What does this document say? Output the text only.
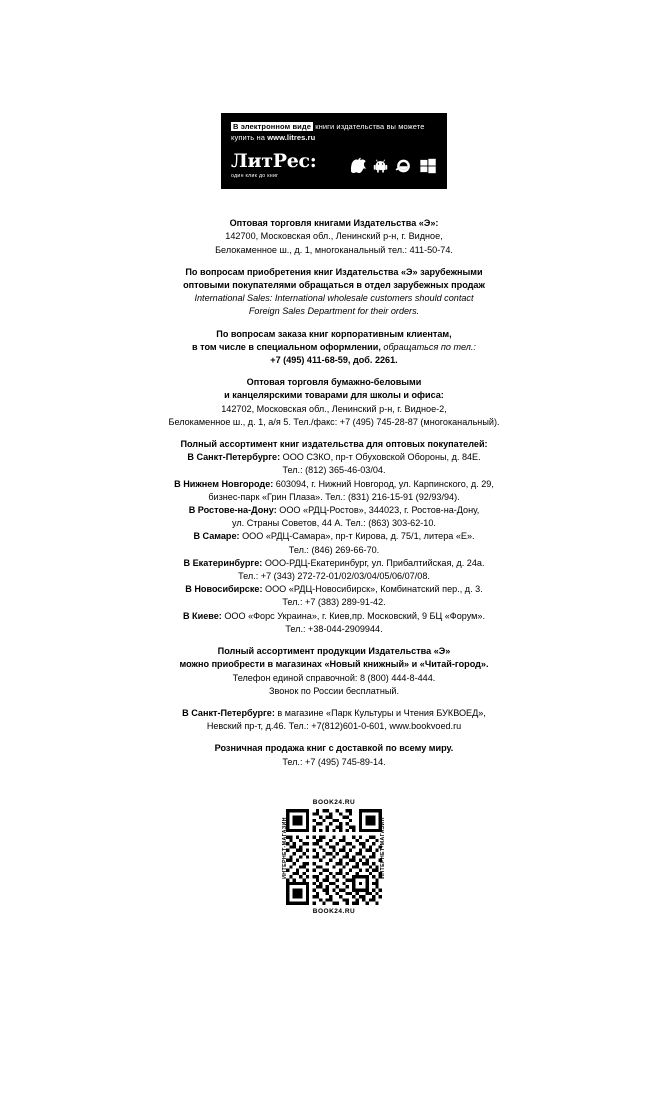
В электронном виде книги издательства вы можете
купить на www.litres.ru
ЛитРес:
один клик до книг

Оптовая торговля книгами Издательства «Э»:

142700, Московская обл., Ленинский р-н, г. Видное,

Белокаменное ш., д. 1, многоканальный тел.: 411-50-74.

По вопросам приобретения книг Издательства «Э» зарубежными

оптовыми покупателями обращаться в отдел зарубежных продаж

International Sales: International wholesale customers should contact

Foreign Sales Department for their orders.

По вопросам заказа книг корпоративным клиентам,

в том числе в специальном оформлении, обращаться по тел.:

+7 (495) 411-68-59, доб. 2261.

Оптовая торговля бумажно-беловыми

и канцелярскими товарами для школы и офиса:

142702, Московская обл., Ленинский р-н, г. Видное-2,

Белокаменное ш., д. 1, а/я 5. Тел./факс: +7 (495) 745-28-87 (многоканальный).

Полный ассортимент книг издательства для оптовых покупателей:

В Санкт-Петербурге: ООО СЗКО, пр-т Обуховской Обороны, д. 84Е.

Тел.: (812) 365-46-03/04.

В Нижнем Новгороде: 603094, г. Нижний Новгород, ул. Карпинского, д. 29,

бизнес-парк «Грин Плаза». Тел.: (831) 216-15-91 (92/93/94).

В Ростове-на-Дону: ООО «РДЦ-Ростов», 344023, г. Ростов-на-Дону,

ул. Страны Советов, 44 А. Тел.: (863) 303-62-10.

В Самаре: ООО «РДЦ-Самара», пр-т Кирова, д. 75/1, литера «Е».

Тел.: (846) 269-66-70.

В Екатеринбурге: ООО-РДЦ-Екатеринбург, ул. Прибалтийская, д. 24а.

Тел.: +7 (343) 272-72-01/02/03/04/05/06/07/08.

В Новосибирске: ООО «РДЦ-Новосибирск», Комбинатский пер., д. 3.

Тел.: +7 (383) 289-91-42.

В Киеве: ООО «Форс Украина», г. Киев,пр. Московский, 9 БЦ «Форум».

Тел.: +38-044-2909944.

Полный ассортимент продукции Издательства «Э»

можно приобрести в магазинах «Новый книжный» и «Читай-город».

Телефон единой справочной: 8 (800) 444-8-444.

Звонок по России бесплатный.

В Санкт-Петербурге: в магазине «Парк Культуры и Чтения БУКВОЕД»,

Невский пр-т, д.46. Тел.: +7(812)601-0-601, www.bookvoed.ru

Розничная продажа книг с доставкой по всему миру.

Тел.: +7 (495) 745-89-14.

BOOK24.RU
BOOK24.RU
ИНТЕРНЕТ-МАГАЗИН	ИНТЕРНЕТ-МАГАЗИН
